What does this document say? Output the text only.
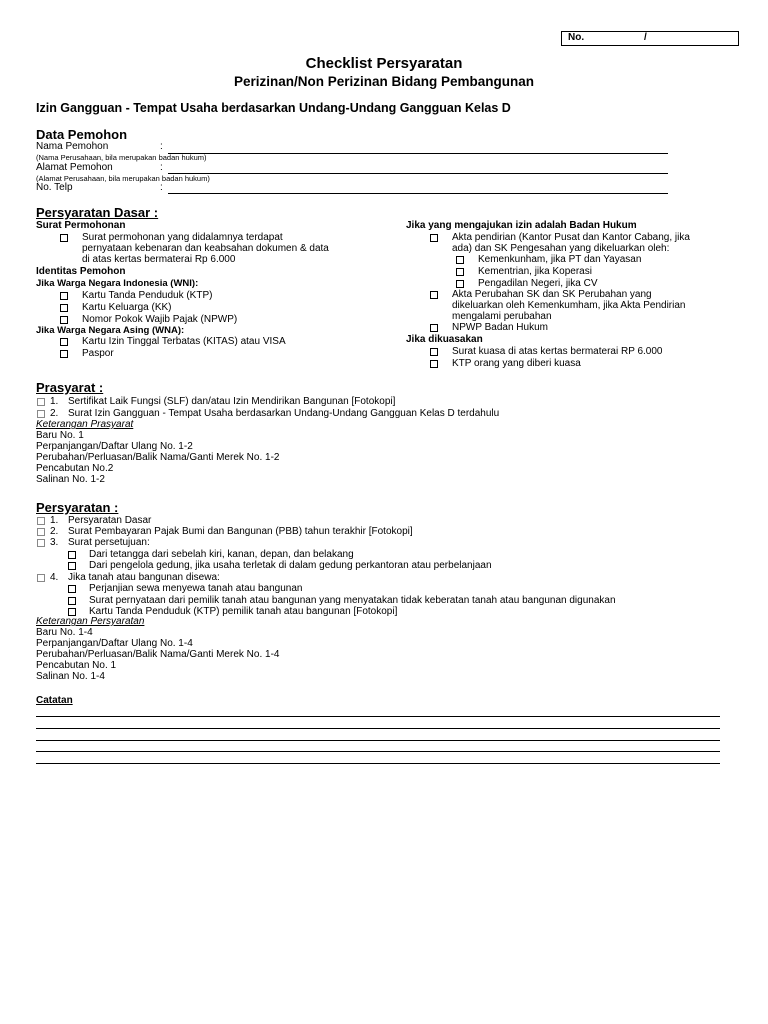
No.	/
Checklist Persyaratan
Perizinan/Non Perizinan Bidang Pembangunan
Izin Gangguan - Tempat Usaha berdasarkan Undang-Undang Gangguan Kelas D
Data Pemohon
Nama Pemohon	:
(Nama Perusahaan, bila merupakan badan hukum)
Alamat Pemohon	:
(Alamat Perusahaan, bila merupakan badan hukum)
No. Telp	:
Persyaratan Dasar :
Surat Permohonan
Surat permohonan yang didalamnya terdapat
pernyataan kebenaran dan keabsahan dokumen & data
di atas kertas bermaterai Rp 6.000
Identitas Pemohon
Jika Warga Negara Indonesia (WNI):
Kartu Tanda Penduduk (KTP)
Kartu Keluarga (KK)
Nomor Pokok Wajib Pajak (NPWP)
Jika Warga Negara Asing (WNA):
Kartu Izin Tinggal Terbatas (KITAS) atau VISA
Paspor
Jika yang mengajukan izin adalah Badan Hukum
Akta pendirian (Kantor Pusat dan Kantor Cabang, jika
ada) dan SK Pengesahan yang dikeluarkan oleh:
Kemenkunham, jika PT dan Yayasan
Kementrian, jika Koperasi
Pengadilan Negeri, jika CV
Akta Perubahan SK dan SK Perubahan yang
dikeluarkan oleh Kemenkumham, jika Akta Pendirian
mengalami perubahan
NPWP Badan Hukum
Jika dikuasakan
Surat kuasa di atas kertas bermaterai RP 6.000
KTP orang yang diberi kuasa
Prasyarat :
1. Sertifikat Laik Fungsi (SLF) dan/atau Izin Mendirikan Bangunan [Fotokopi]
2. Surat Izin Gangguan - Tempat Usaha berdasarkan Undang-Undang Gangguan Kelas D terdahulu
Keterangan Prasyarat
Baru No. 1
Perpanjangan/Daftar Ulang No. 1-2
Perubahan/Perluasan/Balik Nama/Ganti Merek No. 1-2
Pencabutan No.2
Salinan No. 1-2
Persyaratan :
1. Persyaratan Dasar
2. Surat Pembayaran Pajak Bumi dan Bangunan (PBB) tahun terakhir [Fotokopi]
3. Surat persetujuan:
Dari tetangga dari sebelah kiri, kanan, depan, dan belakang
Dari pengelola gedung, jika usaha terletak di dalam gedung perkantoran atau perbelanjaan
4. Jika tanah atau bangunan disewa:
Perjanjian sewa menyewa tanah atau bangunan
Surat pernyataan dari pemilik tanah atau bangunan yang menyatakan tidak keberatan tanah atau bangunan digunakan
Kartu Tanda Penduduk (KTP) pemilik tanah atau bangunan [Fotokopi]
Keterangan Persyaratan
Baru No. 1-4
Perpanjangan/Daftar Ulang No. 1-4
Perubahan/Perluasan/Balik Nama/Ganti Merek No. 1-4
Pencabutan No. 1
Salinan No. 1-4
Catatan
